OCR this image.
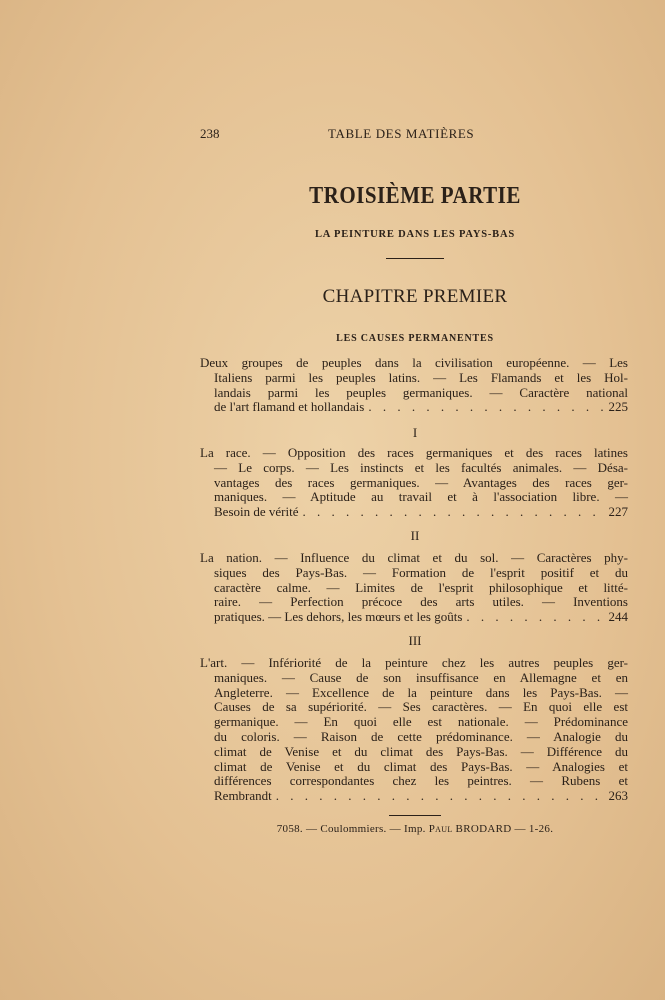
238	TABLE DES MATIÈRES
TROISIÈME PARTIE
LA PEINTURE DANS LES PAYS-BAS
CHAPITRE PREMIER
LES CAUSES PERMANENTES
Deux groupes de peuples dans la civilisation européenne. — Les
Italiens parmi les peuples latins. — Les Flamands et les Hol-
landais parmi les peuples germaniques. — Caractère national
de l'art flamand et hollandais . . .	225
I
La race. — Opposition des races germaniques et des races latines
— Le corps. — Les instincts et les facultés animales. — Désa-
vantages des races germaniques. — Avantages des races ger-
maniques. — Aptitude au travail et à l'association libre. —
Besoin de vérité . . .	227
II
La nation. — Influence du climat et du sol. — Caractères phy-
siques des Pays-Bas. — Formation de l'esprit positif et du
caractère calme. — Limites de l'esprit philosophique et litté-
raire. — Perfection précoce des arts utiles. — Inventions
pratiques. — Les dehors, les mœurs et les goûts . . .	244
III
L'art. — Infériorité de la peinture chez les autres peuples ger-
maniques. — Cause de son insuffisance en Allemagne et en
Angleterre. — Excellence de la peinture dans les Pays-Bas. —
Causes de sa supériorité. — Ses caractères. — En quoi elle est
germanique. — En quoi elle est nationale. — Prédominance
du coloris. — Raison de cette prédominance. — Analogie du
climat de Venise et du climat des Pays-Bas. — Différence du
climat de Venise et du climat des Pays-Bas. — Analogies et
différences correspondantes chez les peintres. — Rubens et
Rembrandt . . .	263
7058. — Coulommiers. — Imp. Paul BRODARD — 1-26.
